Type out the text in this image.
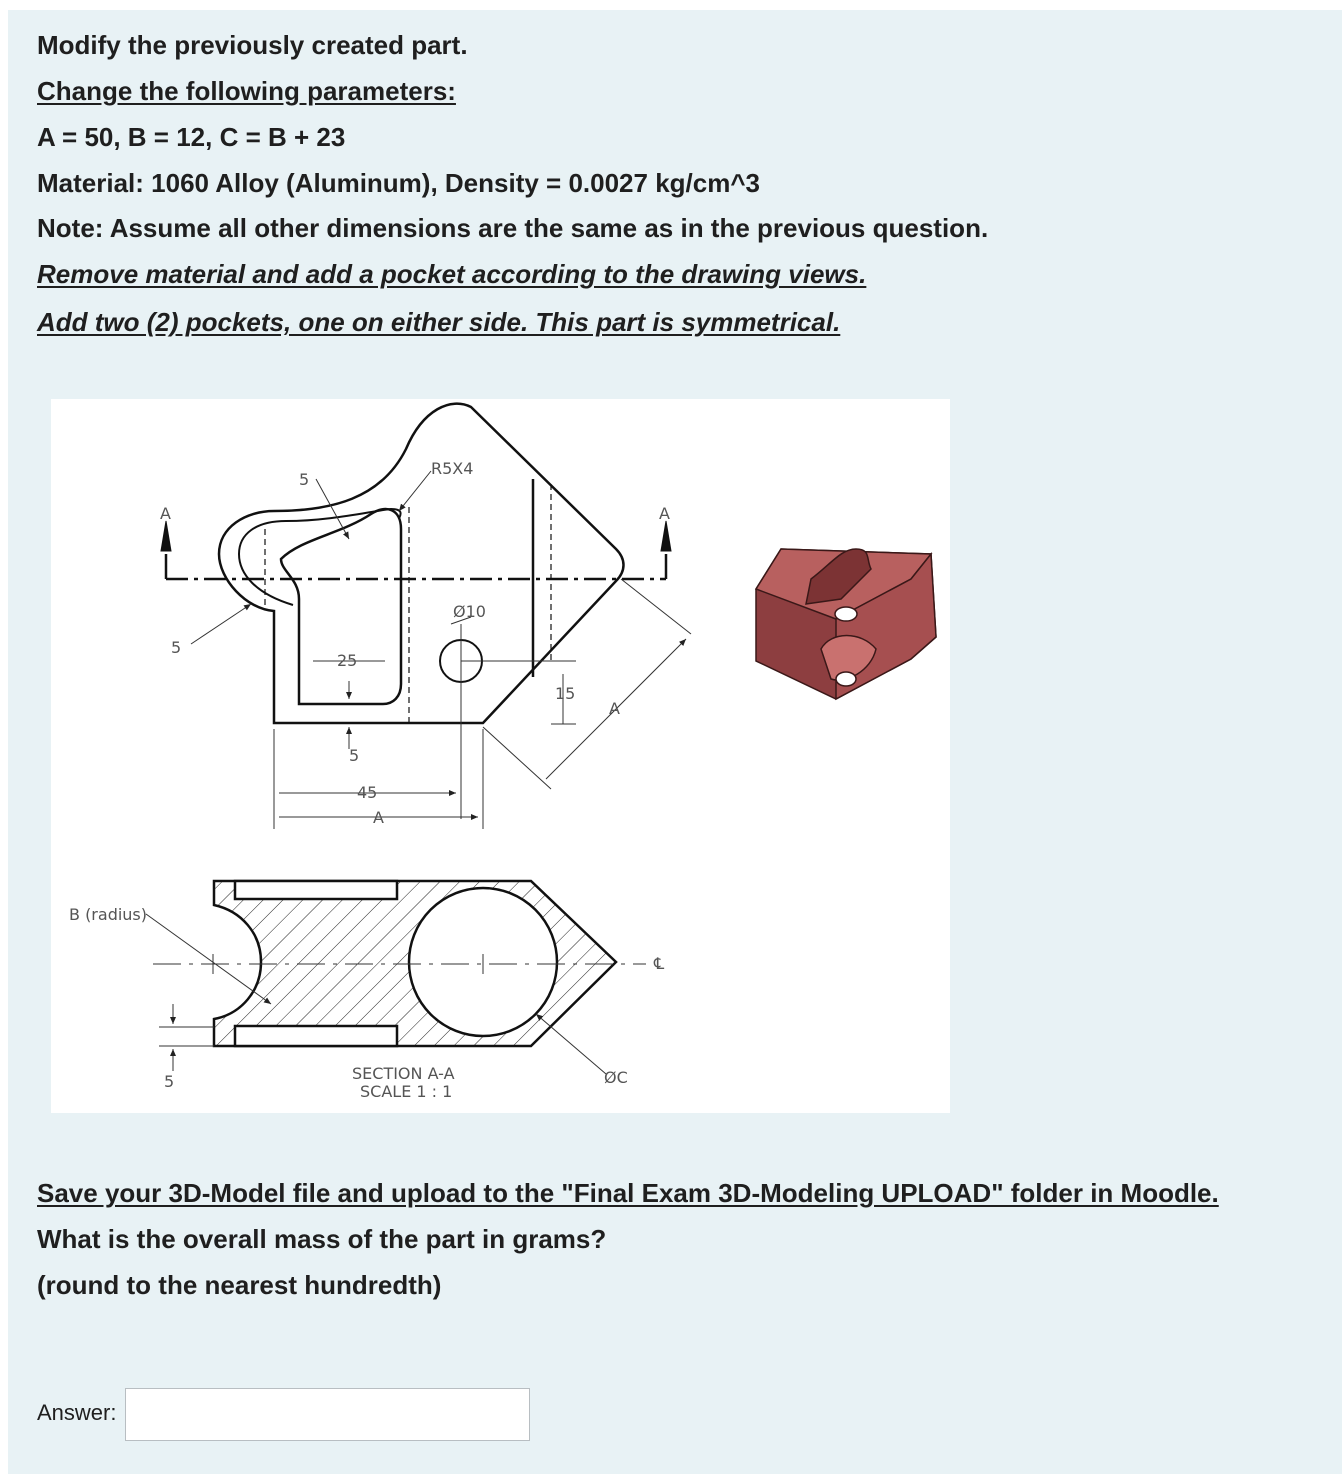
Modify the previously created part.

Change the following parameters:

A = 50, B = 12, C = B + 23

Material: 1060 Alloy (Aluminum), Density = 0.0027 kg/cm^3

Note: Assume all other dimensions are the same as in the previous question.

Remove material and add a pocket according to the drawing views.

Add two (2) pockets, one on either side. This part is symmetrical.

A	A
5
R5X4
5
25
5
45
A
Ø10
15
A
B (radius)
℄
5	SECTION A-A
SCALE 1 : 1
ØC

Save your 3D-Model file and upload to the "Final Exam 3D-Modeling UPLOAD" folder in Moodle.

What is the overall mass of the part in grams?

(round to the nearest hundredth)

Answer:
